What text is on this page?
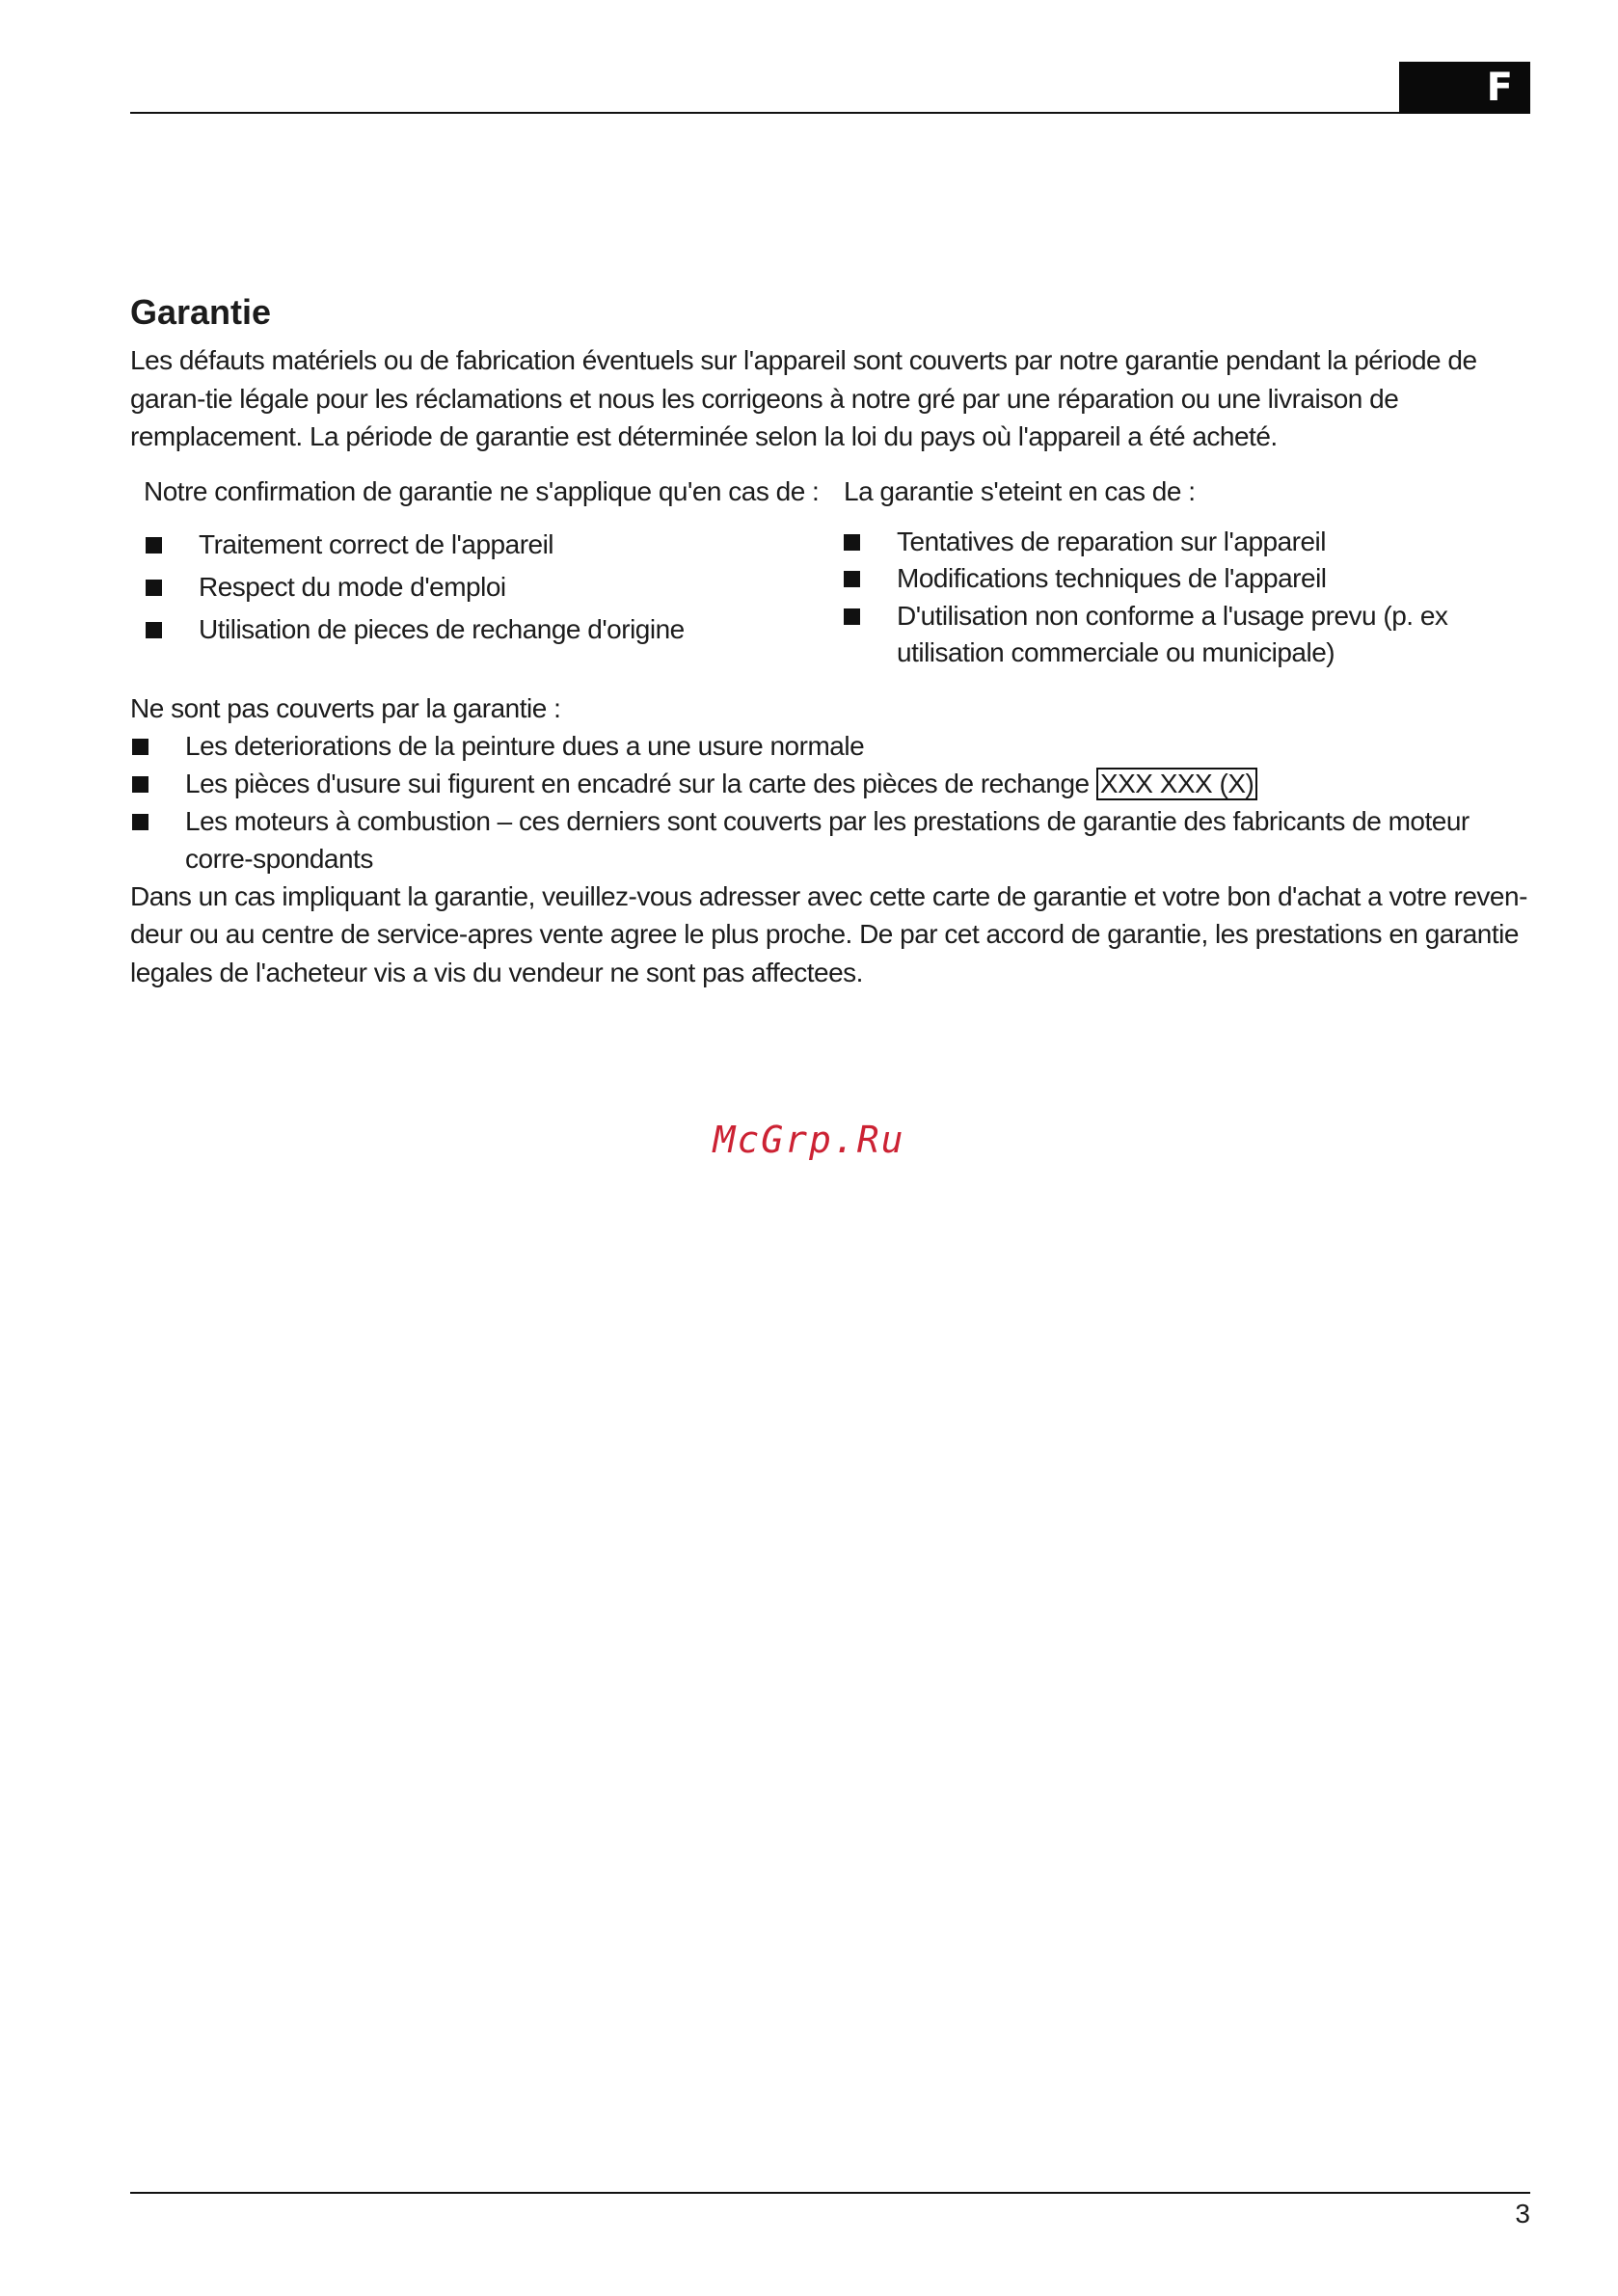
F
Garantie

Les défauts matériels ou de fabrication éventuels sur l'appareil sont couverts par notre garantie pendant la période de garan-tie légale pour les réclamations et nous les corrigeons à notre gré par une réparation ou une livraison de remplacement. La période de garantie est déterminée selon la loi du pays où l'appareil a été acheté.

Notre confirmation de garantie ne s'applique qu'en cas de :

Traitement correct de l'appareil
Respect du mode d'emploi
Utilisation de pieces de rechange d'origine

La garantie s'eteint en cas de :

Tentatives de reparation sur l'appareil
Modifications techniques de l'appareil
D'utilisation non conforme a l'usage prevu (p. ex utilisation commerciale ou municipale)

Ne sont pas couverts par la garantie :

Les deteriorations de la peinture dues a une usure normale
Les pièces d'usure sui figurent en encadré sur la carte des pièces de rechange XXX XXX (X)
Les moteurs à combustion – ces derniers sont couverts par les prestations de garantie des fabricants de moteur corre-spondants

Dans un cas impliquant la garantie, veuillez-vous adresser avec cette carte de garantie et votre bon d'achat a votre reven-deur ou au centre de service-apres vente agree le plus proche. De par cet accord de garantie, les prestations en garantie legales de l'acheteur vis a vis du vendeur ne sont pas affectees.

McGrp.Ru
3
